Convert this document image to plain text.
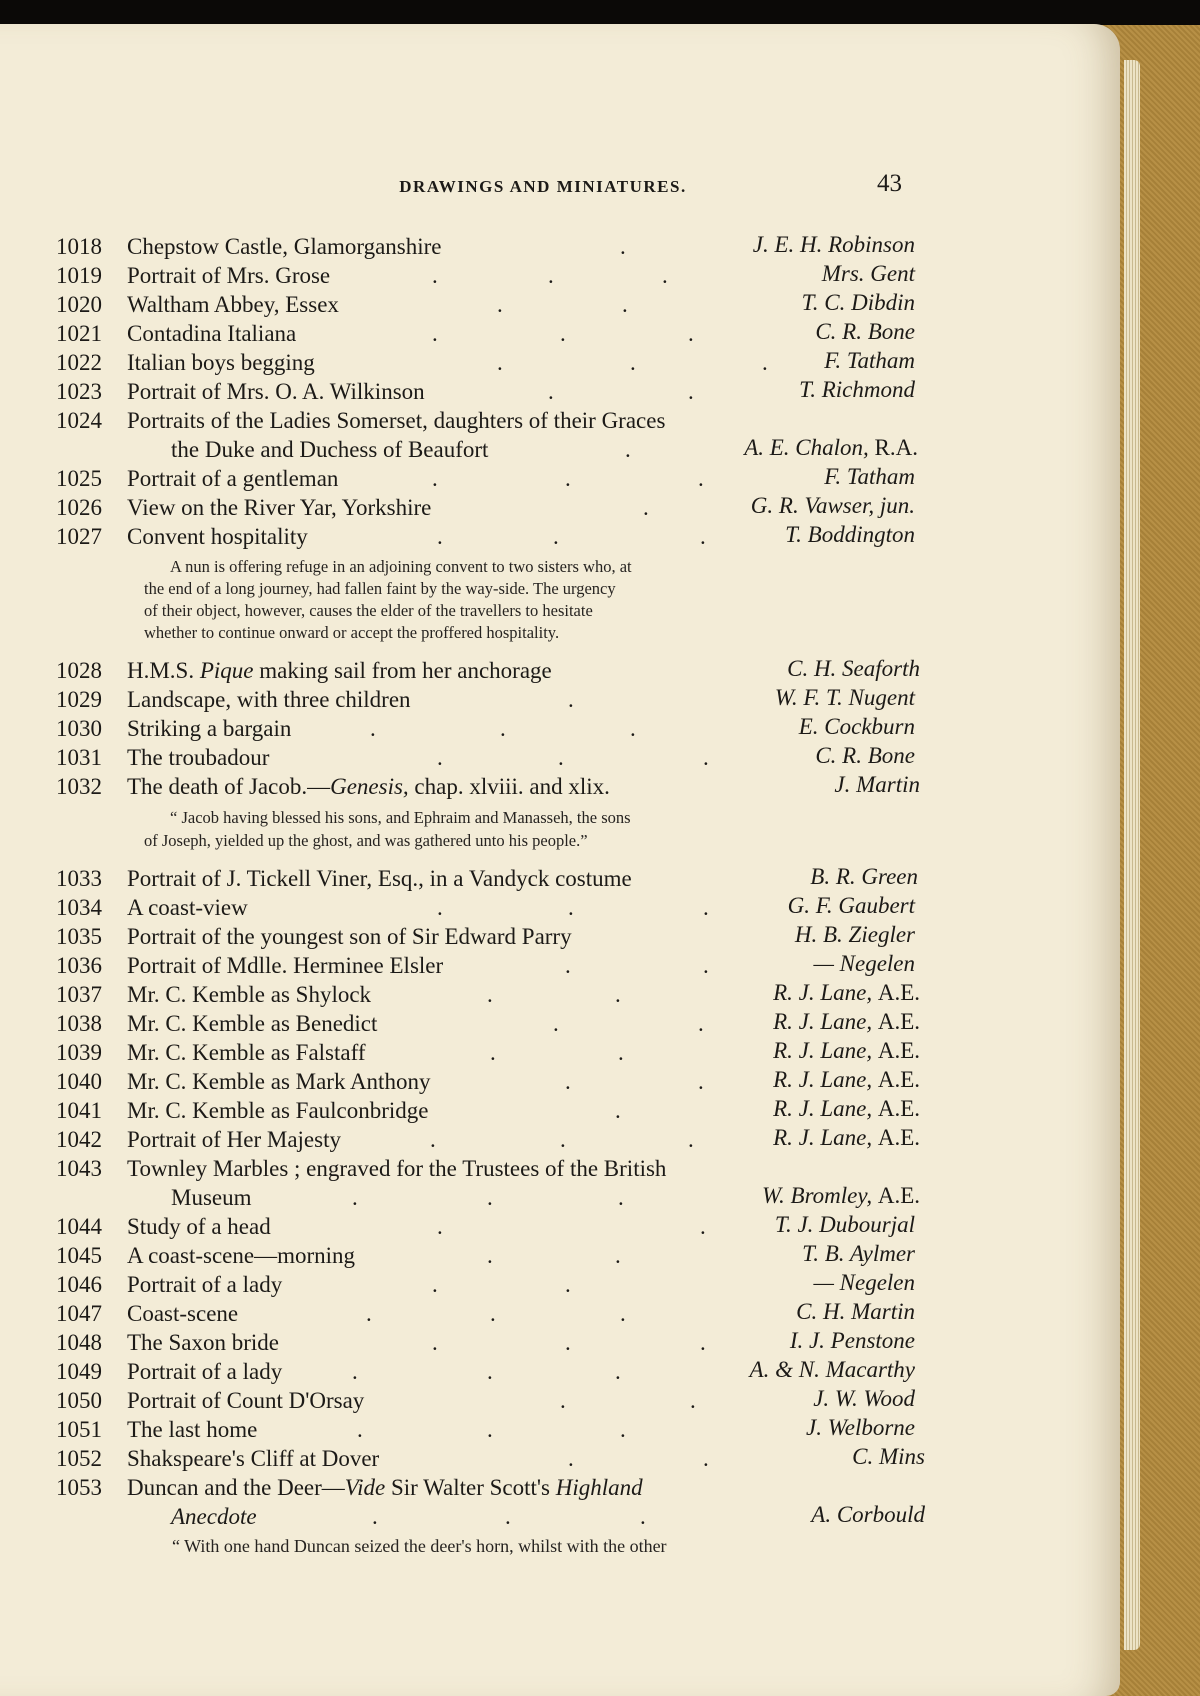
DRAWINGS AND MINIATURES.	43
1018 Chepstow Castle, Glamorganshire	.	J. E. H. Robinson
1019 Portrait of Mrs. Grose	.	.	.	Mrs. Gent
1020 Waltham Abbey, Essex	.	.	T. C. Dibdin
1021 Contadina Italiana	.	.	.	C. R. Bone
1022 Italian boys begging	.	.	. F. Tatham
1023 Portrait of Mrs. O. A. Wilkinson	.	.	T. Richmond
1024 Portraits of the Ladies Somerset, daughters of their Graces
the Duke and Duchess of Beaufort	.	A. E. Chalon, R.A.
1025 Portrait of a gentleman	.	.	.	F. Tatham
1026 View on the River Yar, Yorkshire	.	G. R. Vawser, jun.
1027 Convent hospitality	.	.	.	T. Boddington
A nun is offering refuge in an adjoining convent to two sisters who, at
the end of a long journey, had fallen faint by the way-side. The urgency
of their object, however, causes the elder of the travellers to hesitate
whether to continue onward or accept the proffered hospitality.
1028 H.M.S. Pique making sail from her anchorage	C. H. Seaforth
1029 Landscape, with three children	.	W. F. T. Nugent
1030 Striking a bargain	.	.	.	E. Cockburn
1031 The troubadour	.	.	.	C. R. Bone
1032 The death of Jacob.—Genesis, chap. xlviii. and xlix.	J. Martin
“ Jacob having blessed his sons, and Ephraim and Manasseh, the sons
of Joseph, yielded up the ghost, and was gathered unto his people.”
1033 Portrait of J. Tickell Viner, Esq., in a Vandyck costume	B. R. Green
1034 A coast-view	.	.	.	G. F. Gaubert
1035 Portrait of the youngest son of Sir Edward Parry	H. B. Ziegler
1036 Portrait of Mdlle. Herminee Elsler	.	.	— Negelen
1037 Mr. C. Kemble as Shylock	.	.	R. J. Lane, A.E.
1038 Mr. C. Kemble as Benedict	.	.	R. J. Lane, A.E.
1039 Mr. C. Kemble as Falstaff	.	.	R. J. Lane, A.E.
1040 Mr. C. Kemble as Mark Anthony	.	.	R. J. Lane, A.E.
1041 Mr. C. Kemble as Faulconbridge	.	R. J. Lane, A.E.
1042 Portrait of Her Majesty	.	.	.	R. J. Lane, A.E.
1043 Townley Marbles ; engraved for the Trustees of the British
Museum	.	.	.	W. Bromley, A.E.
1044 Study of a head	.	.	T. J. Dubourjal
1045 A coast-scene—morning	.	.	T. B. Aylmer
1046 Portrait of a lady	.	.	— Negelen
1047 Coast-scene	.	.	.	C. H. Martin
1048 The Saxon bride	.	.	.	I. J. Penstone
1049 Portrait of a lady	.	.	.	A. & N. Macarthy
1050 Portrait of Count D'Orsay	.	.	J. W. Wood
1051 The last home	.	.	.	J. Welborne
1052 Shakspeare's Cliff at Dover	.	.	C. Mins
1053 Duncan and the Deer—Vide Sir Walter Scott's Highland
Anecdote	.	.	.	A. Corbould
“ With one hand Duncan seized the deer's horn, whilst with the other
